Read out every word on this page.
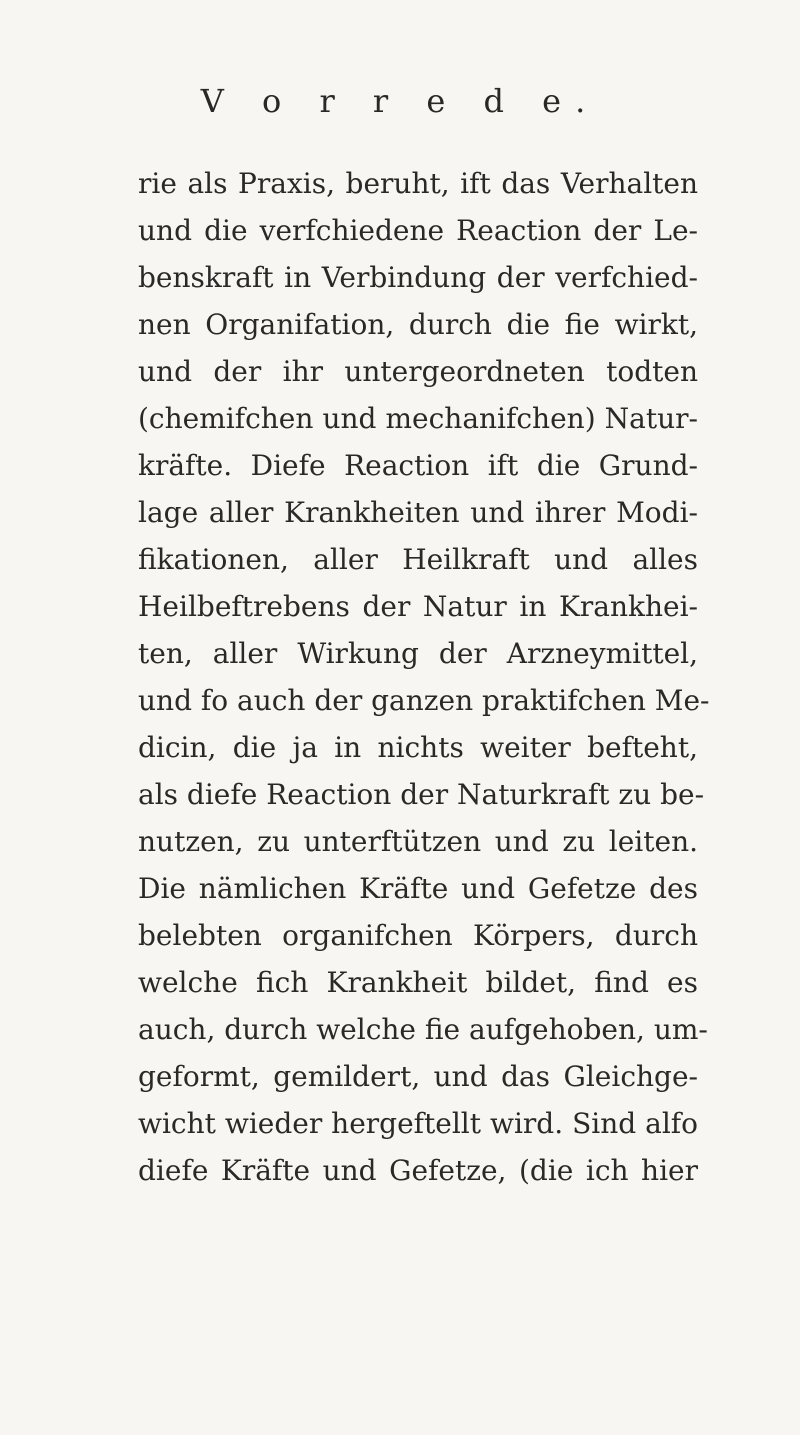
V o r r e d e.
rie als Praxis, beruht, ift das Verhalten
und die verfchiedene Reaction der Le-
benskraft in Verbindung der verfchied-
nen Organifation, durch die fie wirkt,
und der ihr untergeordneten todten
(chemifchen und mechanifchen) Natur-
kräfte. Diefe Reaction ift die Grund-
lage aller Krankheiten und ihrer Modi-
fikationen, aller Heilkraft und alles
Heilbeftrebens der Natur in Krankhei-
ten, aller Wirkung der Arzneymittel,
und fo auch der ganzen praktifchen Me-
dicin, die ja in nichts weiter befteht,
als diefe Reaction der Naturkraft zu be-
nutzen, zu unterftützen und zu leiten.
Die nämlichen Kräfte und Gefetze des
belebten organifchen Körpers, durch
welche fich Krankheit bildet, find es
auch, durch welche fie aufgehoben, um-
geformt, gemildert, und das Gleichge-
wicht wieder hergeftellt wird. Sind alfo
diefe Kräfte und Gefetze, (die ich hier
